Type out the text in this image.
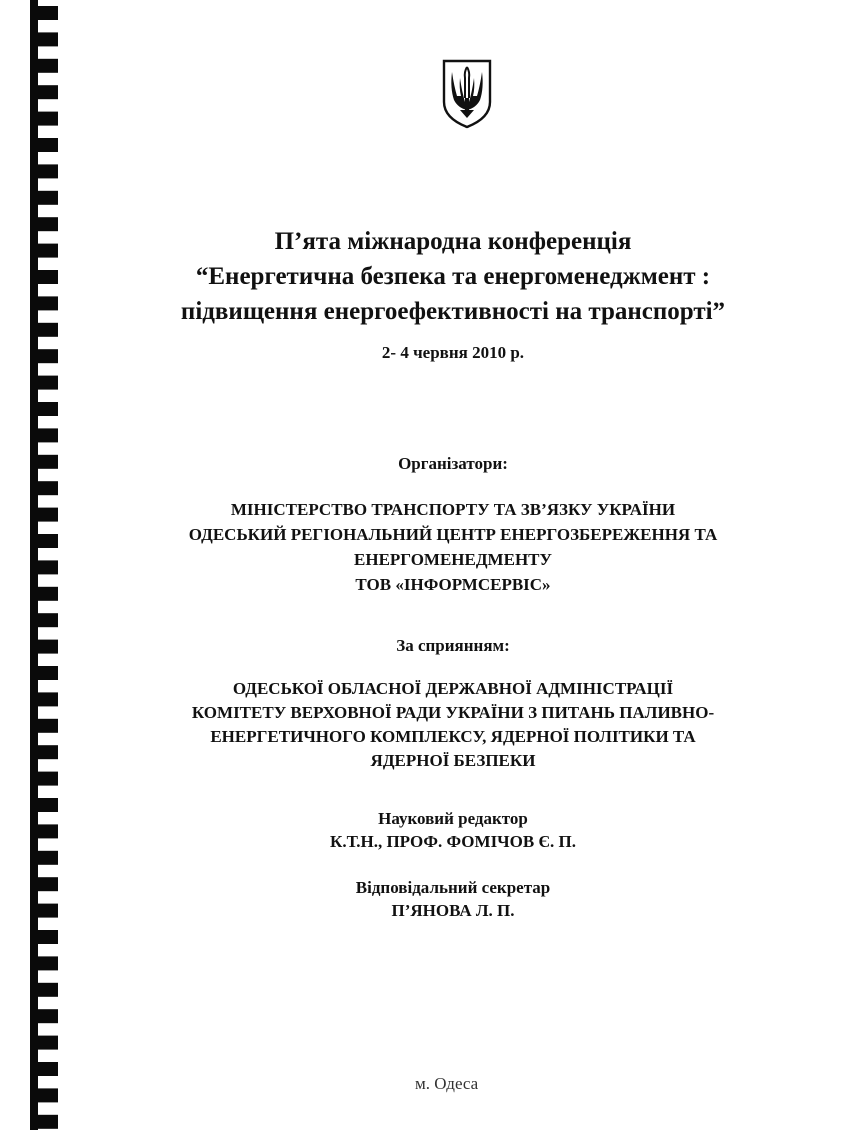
П’ята міжнародна конференція
“Енергетична безпека та енергоменеджмент :
підвищення енергоефективності на транспорті”
2- 4 червня 2010 р.
Організатори:
МІНІСТЕРСТВО ТРАНСПОРТУ ТА ЗВ’ЯЗКУ УКРАЇНИ
ОДЕСЬКИЙ РЕГІОНАЛЬНИЙ ЦЕНТР ЕНЕРГОЗБЕРЕЖЕННЯ ТА
ЕНЕРГОМЕНЕДМЕНТУ
ТОВ «ІНФОРМСЕРВІС»
За сприянням:
ОДЕСЬКОЇ ОБЛАСНОЇ ДЕРЖАВНОЇ АДМІНІСТРАЦІЇ
КОМІТЕТУ ВЕРХОВНОЇ РАДИ УКРАЇНИ З ПИТАНЬ ПАЛИВНО-
ЕНЕРГЕТИЧНОГО КОМПЛЕКСУ, ЯДЕРНОЇ ПОЛІТИКИ ТА
ЯДЕРНОЇ БЕЗПЕКИ
Науковий редактор
К.Т.Н., ПРОФ. ФОМІЧОВ Є. П.
Відповідальний секретар
П’ЯНОВА Л. П.
м. Одеса
